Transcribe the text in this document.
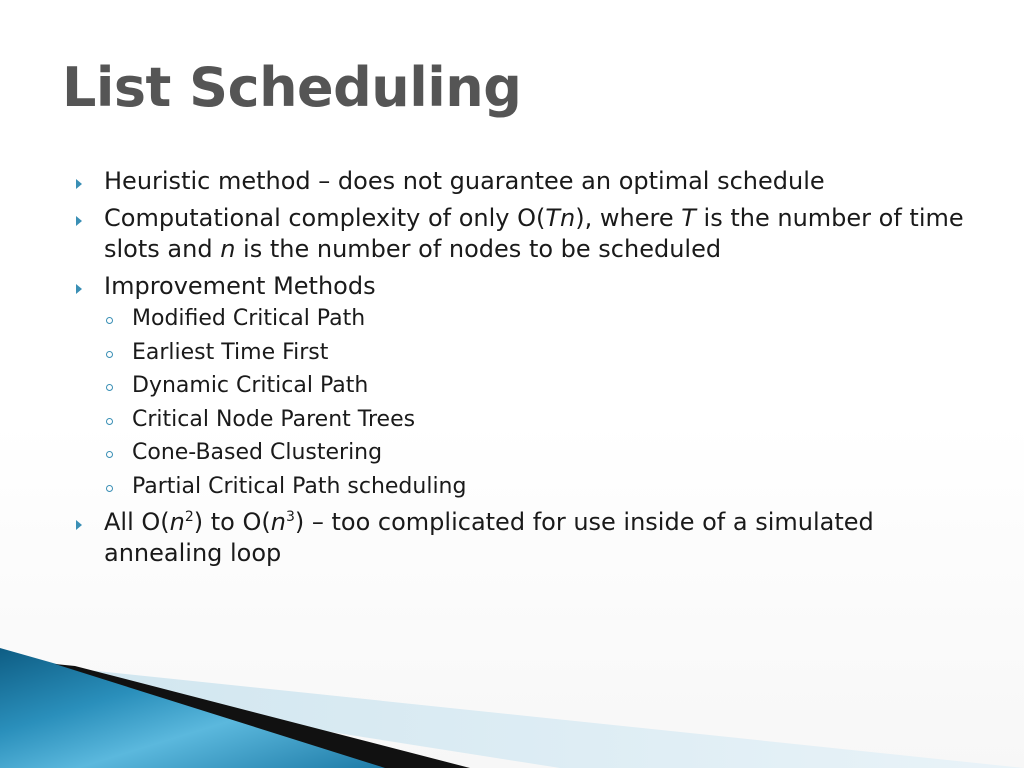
List Scheduling
Heuristic method – does not guarantee an optimal schedule
Computational complexity of only O(Tn), where T is the number of time slots and n is the number of nodes to be scheduled
Improvement Methods
Modified Critical Path
Earliest Time First
Dynamic Critical Path
Critical Node Parent Trees
Cone-Based Clustering
Partial Critical Path scheduling
All $O(n^2)$ to $O(n^3)$ – too complicated for use inside of a simulated annealing loop
